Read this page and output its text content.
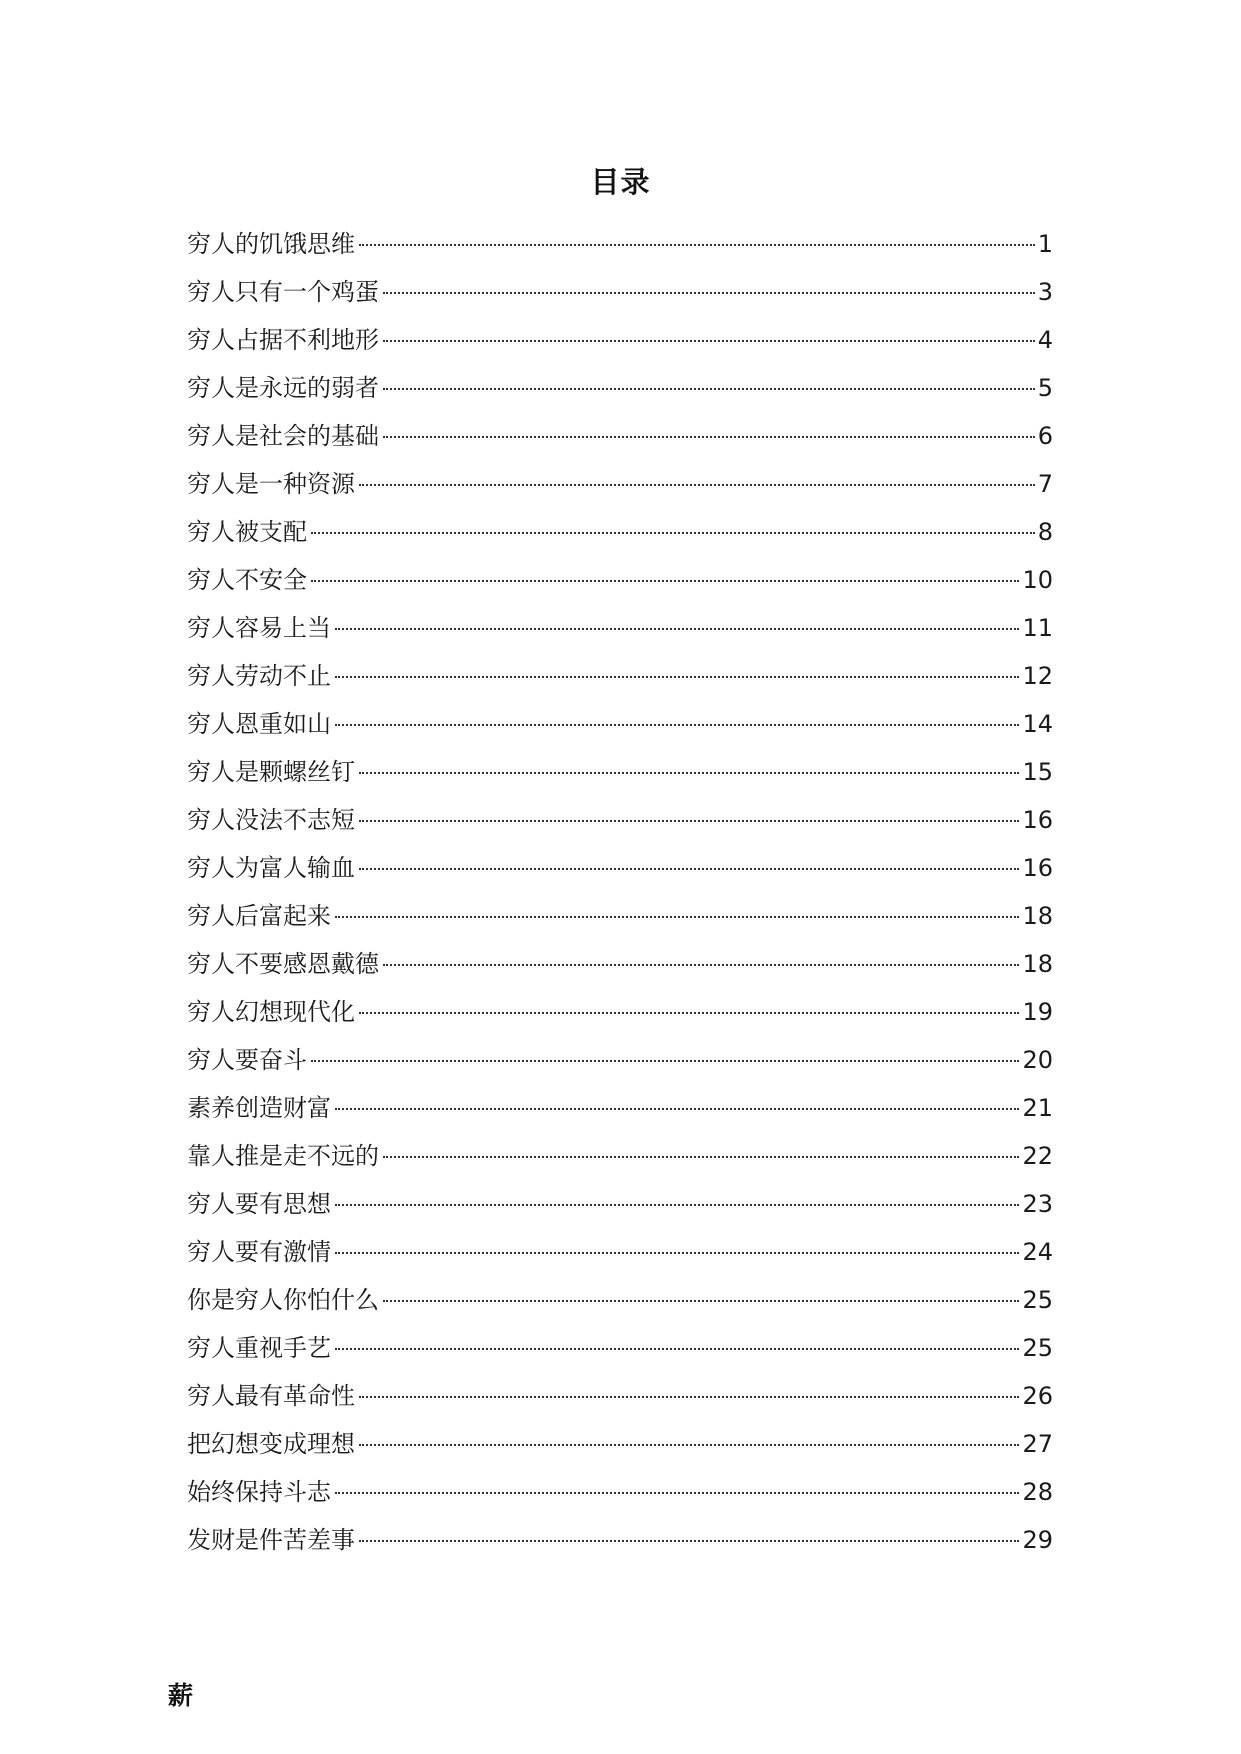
目录
穷人的饥饿思维	1
穷人只有一个鸡蛋	3
穷人占据不利地形	4
穷人是永远的弱者	5
穷人是社会的基础	6
穷人是一种资源	7
穷人被支配	8
穷人不安全	10
穷人容易上当	11
穷人劳动不止	12
穷人恩重如山	14
穷人是颗螺丝钉	15
穷人没法不志短	16
穷人为富人输血	16
穷人后富起来	18
穷人不要感恩戴德	18
穷人幻想现代化	19
穷人要奋斗	20
素养创造财富	21
靠人推是走不远的	22
穷人要有思想	23
穷人要有激情	24
你是穷人你怕什么	25
穷人重视手艺	25
穷人最有革命性	26
把幻想变成理想	27
始终保持斗志	28
发财是件苦差事	29
薪
